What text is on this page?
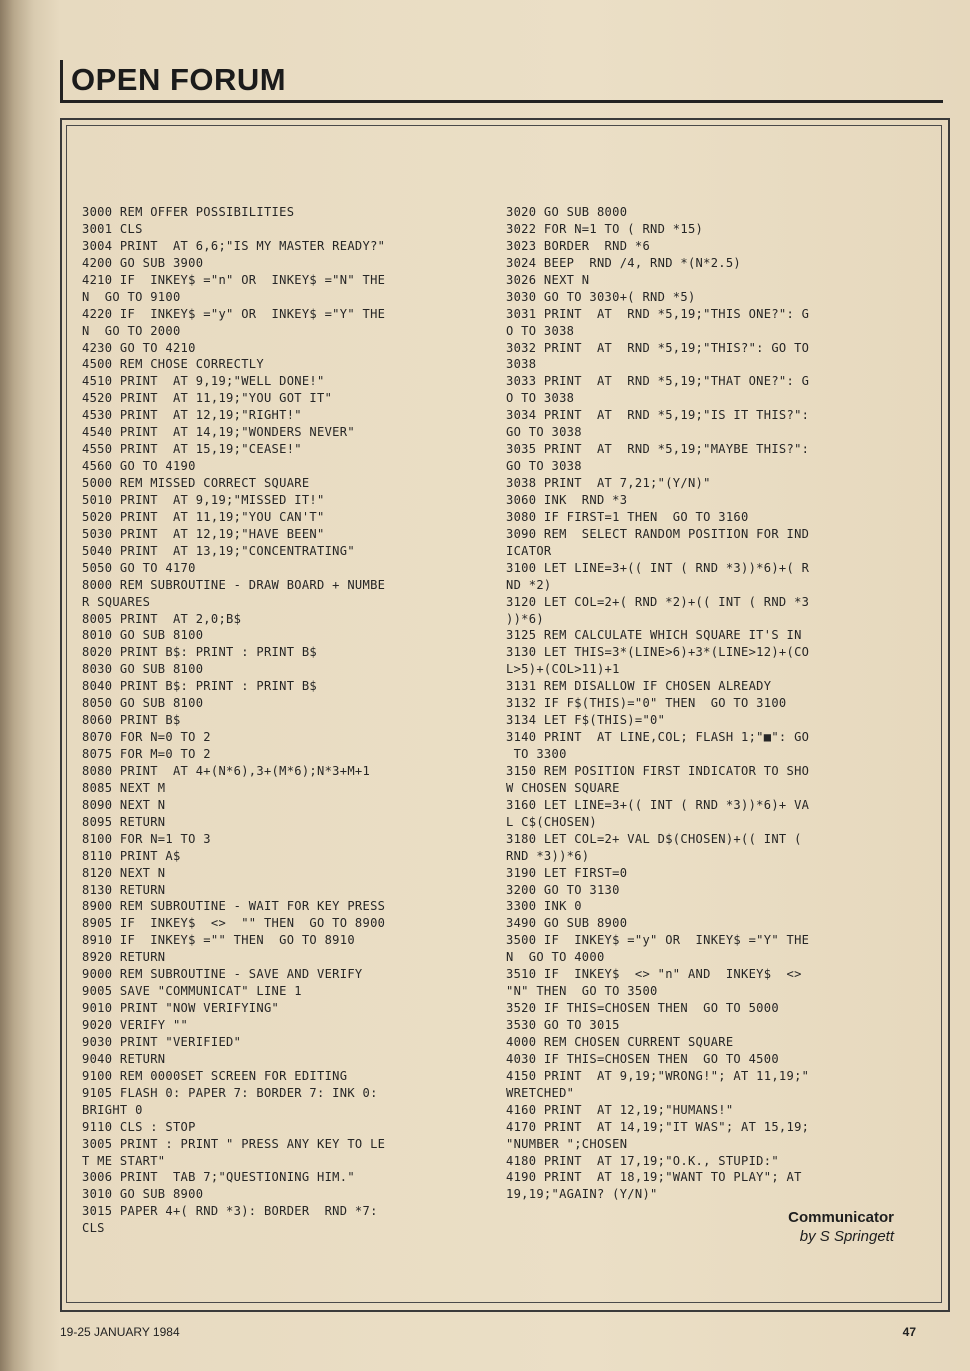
OPEN FORUM
3000 REM OFFER POSSIBILITIES
3001 CLS
3004 PRINT  AT 6,6;"IS MY MASTER READY?"
4200 GO SUB 3900
4210 IF  INKEY$ ="n" OR  INKEY$ ="N" THE
N  GO TO 9100
4220 IF  INKEY$ ="y" OR  INKEY$ ="Y" THE
N  GO TO 2000
4230 GO TO 4210
4500 REM CHOSE CORRECTLY
4510 PRINT  AT 9,19;"WELL DONE!"
4520 PRINT  AT 11,19;"YOU GOT IT"
4530 PRINT  AT 12,19;"RIGHT!"
4540 PRINT  AT 14,19;"WONDERS NEVER"
4550 PRINT  AT 15,19;"CEASE!"
4560 GO TO 4190
5000 REM MISSED CORRECT SQUARE
5010 PRINT  AT 9,19;"MISSED IT!"
5020 PRINT  AT 11,19;"YOU CAN'T"
5030 PRINT  AT 12,19;"HAVE BEEN"
5040 PRINT  AT 13,19;"CONCENTRATING"
5050 GO TO 4170
8000 REM SUBROUTINE - DRAW BOARD + NUMBE
R SQUARES
8005 PRINT  AT 2,0;B$
8010 GO SUB 8100
8020 PRINT B$: PRINT : PRINT B$
8030 GO SUB 8100
8040 PRINT B$: PRINT : PRINT B$
8050 GO SUB 8100
8060 PRINT B$
8070 FOR N=0 TO 2
8075 FOR M=0 TO 2
8080 PRINT  AT 4+(N*6),3+(M*6);N*3+M+1
8085 NEXT M
8090 NEXT N
8095 RETURN
8100 FOR N=1 TO 3
8110 PRINT A$
8120 NEXT N
8130 RETURN
8900 REM SUBROUTINE - WAIT FOR KEY PRESS
8905 IF  INKEY$  <>  "" THEN  GO TO 8900
8910 IF  INKEY$ ="" THEN  GO TO 8910
8920 RETURN
9000 REM SUBROUTINE - SAVE AND VERIFY
9005 SAVE "COMMUNICAT" LINE 1
9010 PRINT "NOW VERIFYING"
9020 VERIFY ""
9030 PRINT "VERIFIED"
9040 RETURN
9100 REM 0000SET SCREEN FOR EDITING
9105 FLASH 0: PAPER 7: BORDER 7: INK 0:
BRIGHT 0
9110 CLS : STOP
3005 PRINT : PRINT " PRESS ANY KEY TO LE
T ME START"
3006 PRINT  TAB 7;"QUESTIONING HIM."
3010 GO SUB 8900
3015 PAPER 4+( RND *3): BORDER  RND *7:
CLS
3020 GO SUB 8000
3022 FOR N=1 TO ( RND *15)
3023 BORDER  RND *6
3024 BEEP  RND /4, RND *(N*2.5)
3026 NEXT N
3030 GO TO 3030+( RND *5)
3031 PRINT  AT  RND *5,19;"THIS ONE?": G
O TO 3038
3032 PRINT  AT  RND *5,19;"THIS?": GO TO
3038
3033 PRINT  AT  RND *5,19;"THAT ONE?": G
O TO 3038
3034 PRINT  AT  RND *5,19;"IS IT THIS?":
GO TO 3038
3035 PRINT  AT  RND *5,19;"MAYBE THIS?":
GO TO 3038
3038 PRINT  AT 7,21;"(Y/N)"
3060 INK  RND *3
3080 IF FIRST=1 THEN  GO TO 3160
3090 REM  SELECT RANDOM POSITION FOR IND
ICATOR
3100 LET LINE=3+(( INT ( RND *3))*6)+( R
ND *2)
3120 LET COL=2+( RND *2)+(( INT ( RND *3
))*6)
3125 REM CALCULATE WHICH SQUARE IT'S IN
3130 LET THIS=3*(LINE>6)+3*(LINE>12)+(CO
L>5)+(COL>11)+1
3131 REM DISALLOW IF CHOSEN ALREADY
3132 IF F$(THIS)="0" THEN  GO TO 3100
3134 LET F$(THIS)="0"
3140 PRINT  AT LINE,COL; FLASH 1;"■": GO
TO 3300
3150 REM POSITION FIRST INDICATOR TO SHO
W CHOSEN SQUARE
3160 LET LINE=3+(( INT ( RND *3))*6)+ VA
L C$(CHOSEN)
3180 LET COL=2+ VAL D$(CHOSEN)+(( INT (
RND *3))*6)
3190 LET FIRST=0
3200 GO TO 3130
3300 INK 0
3490 GO SUB 8900
3500 IF  INKEY$ ="y" OR  INKEY$ ="Y" THE
N  GO TO 4000
3510 IF  INKEY$  <> "n" AND  INKEY$  <>
"N" THEN  GO TO 3500
3520 IF THIS=CHOSEN THEN  GO TO 5000
3530 GO TO 3015
4000 REM CHOSEN CURRENT SQUARE
4030 IF THIS=CHOSEN THEN  GO TO 4500
4150 PRINT  AT 9,19;"WRONG!"; AT 11,19;"
WRETCHED"
4160 PRINT  AT 12,19;"HUMANS!"
4170 PRINT  AT 14,19;"IT WAS"; AT 15,19;
"NUMBER ";CHOSEN
4180 PRINT  AT 17,19;"O.K., STUPID:"
4190 PRINT  AT 18,19;"WANT TO PLAY"; AT
19,19;"AGAIN? (Y/N)"
Communicator
by S Springett
19-25 JANUARY 1984	47
